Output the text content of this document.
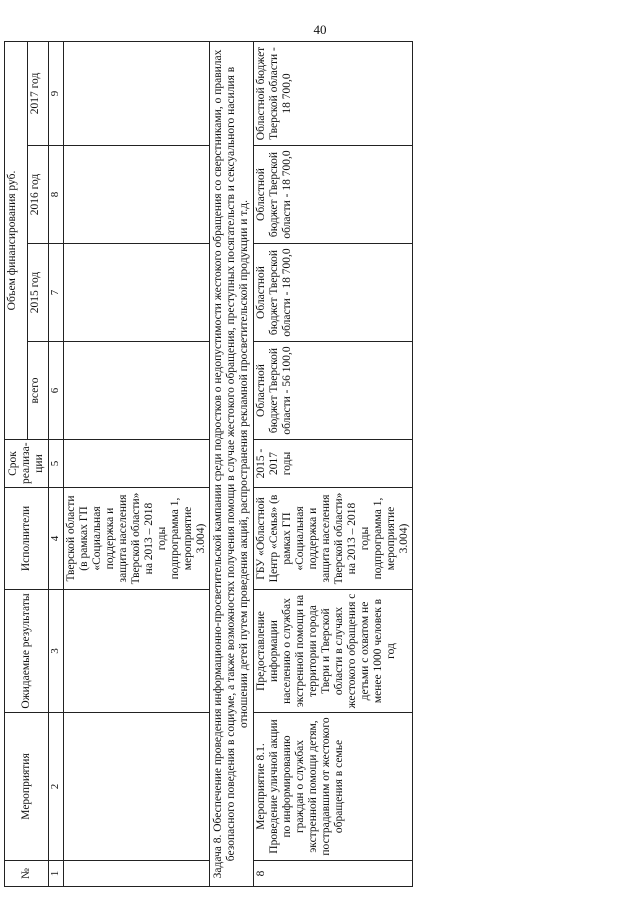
40
№	Мероприятия	Ожидаемые результаты	Исполнители	Срок реализа-ции	Объем финансирования руб.			
					всего	2015 год	2016 год	2017 год
1	2	3	4	5	6	7	8	9
			Тверской области (в рамках ГП «Социальная поддержка и защита населения Тверской области» на 2013 – 2018 годы подпрограмма 1, мероприятие 3.004)					
Задача 8. Обеспечение проведения информационно-просветительской кампании среди подростков о недопустимости жестокого обращения со сверстниками, о правилах безопасного поведения в социуме, а также возможностях получения помощи в случае жестокого обращения, преступных посягательств и сексуального насилия в отношении детей путем проведения акций, распространения рекламной просветительской продукции и т.д.								
8	Мероприятие 8.1. Проведение уличной акции по информированию граждан о службах экстренной помощи детям, пострадавшим от жестокого обращения в семье	Предоставление информации населению о службах экстренной помощи на территории города Твери и Тверской области в случаях жестокого обращения с детьми с охватом не менее 1000 человек в год	ГБУ «Областной Центр «Семья» (в рамках ГП «Социальная поддержка и защита населения Тверской области» на 2013 – 2018 годы подпрограмма 1, мероприятие 3.004)	2015 - 2017 годы	Областной бюджет Тверской области - 56 100,0	Областной бюджет Тверской области - 18 700,0	Областной бюджет Тверской области - 18 700,0	Областной бюджет Тверской области - 18 700,0
